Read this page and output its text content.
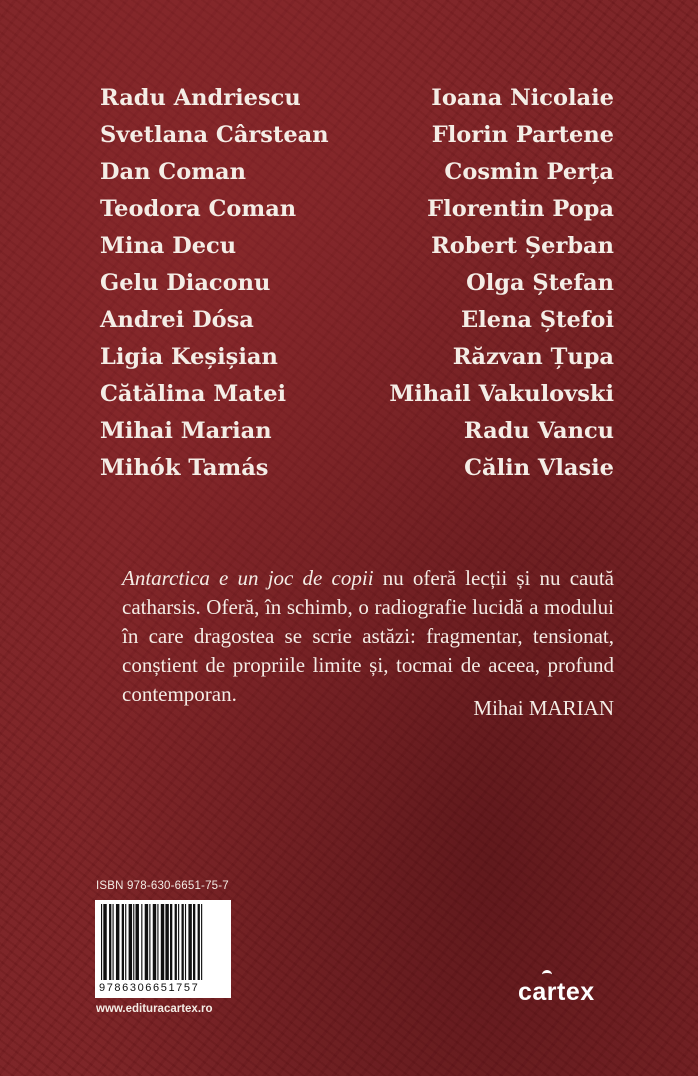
Radu Andriescu
Svetlana Cârstean
Dan Coman
Teodora Coman
Mina Decu
Gelu Diaconu
Andrei Dósa
Ligia Keșișian
Cătălina Matei
Mihai Marian
Mihók Tamás
Ioana Nicolaie
Florin Partene
Cosmin Perța
Florentin Popa
Robert Șerban
Olga Ștefan
Elena Ștefoi
Răzvan Țupa
Mihail Vakulovski
Radu Vancu
Călin Vlasie

Antarctica e un joc de copii nu oferă lecții și nu caută catharsis. Oferă, în schimb, o radiografie lucidă a modului în care dragostea se scrie astăzi: fragmentar, tensionat, conștient de propriile limite și, tocmai de aceea, profund contemporan.

Mihai MARIAN
ISBN 978-630-6651-75-7
9786306651757
www.edituracartex.ro
cartex
